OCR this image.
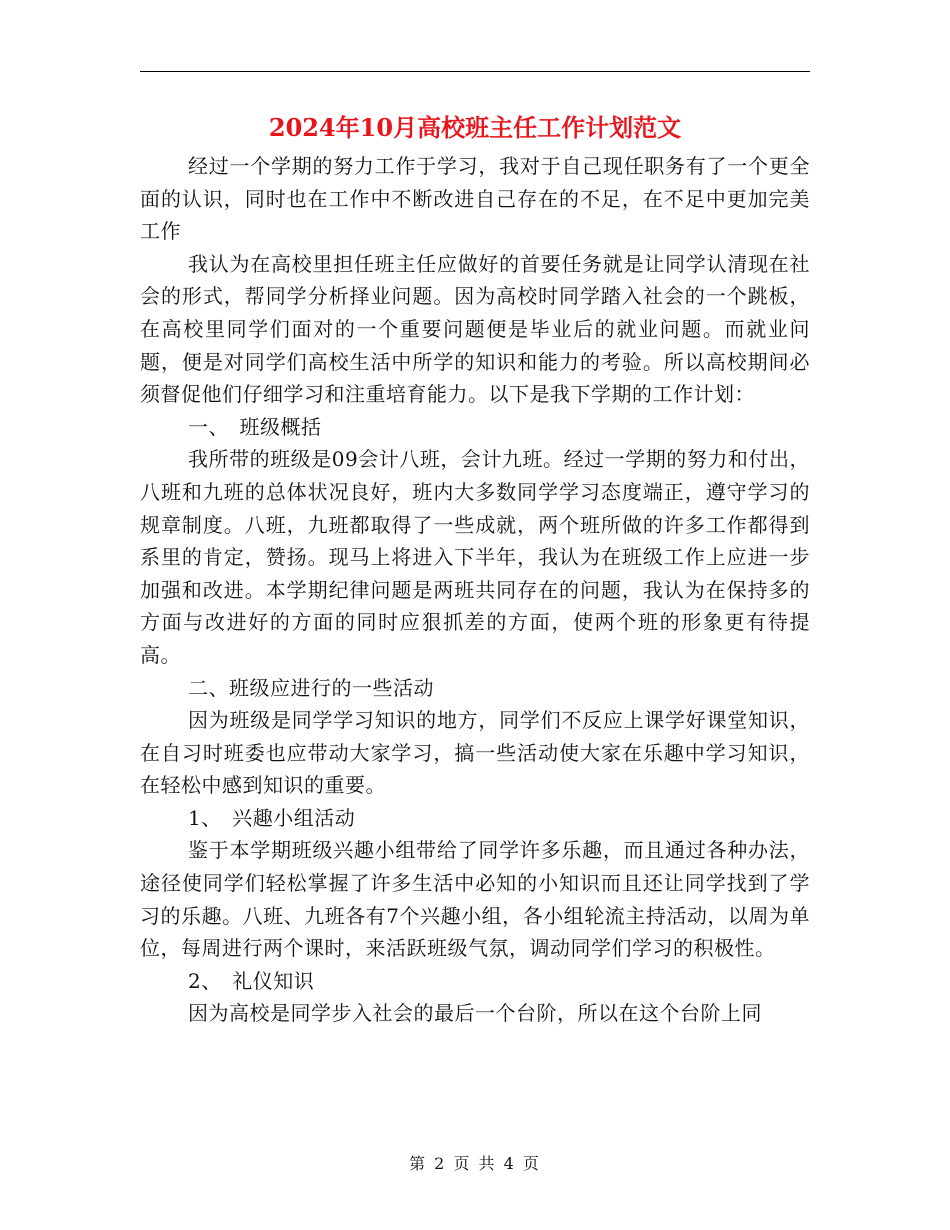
2024年10月高校班主任工作计划范文

经过一个学期的努力工作于学习，我对于自己现任职务有了一个更全面的认识，同时也在工作中不断改进自己存在的不足，在不足中更加完美工作

我认为在高校里担任班主任应做好的首要任务就是让同学认清现在社会的形式，帮同学分析择业问题。因为高校时同学踏入社会的一个跳板，在高校里同学们面对的一个重要问题便是毕业后的就业问题。而就业问题，便是对同学们高校生活中所学的知识和能力的考验。所以高校期间必须督促他们仔细学习和注重培育能力。以下是我下学期的工作计划：

一、　班级概括

我所带的班级是09会计八班，会计九班。经过一学期的努力和付出，八班和九班的总体状况良好，班内大多数同学学习态度端正，遵守学习的规章制度。八班，九班都取得了一些成就，两个班所做的许多工作都得到系里的肯定，赞扬。现马上将进入下半年，我认为在班级工作上应进一步加强和改进。本学期纪律问题是两班共同存在的问题，我认为在保持多的方面与改进好的方面的同时应狠抓差的方面，使两个班的形象更有待提高。

二、班级应进行的一些活动

因为班级是同学学习知识的地方，同学们不反应上课学好课堂知识，在自习时班委也应带动大家学习，搞一些活动使大家在乐趣中学习知识，在轻松中感到知识的重要。

1、　兴趣小组活动

鉴于本学期班级兴趣小组带给了同学许多乐趣，而且通过各种办法，途径使同学们轻松掌握了许多生活中必知的小知识而且还让同学找到了学习的乐趣。八班、九班各有7个兴趣小组，各小组轮流主持活动，以周为单位，每周进行两个课时，来活跃班级气氛，调动同学们学习的积极性。

2、　礼仪知识

因为高校是同学步入社会的最后一个台阶，所以在这个台阶上同

第 2 页 共 4 页
